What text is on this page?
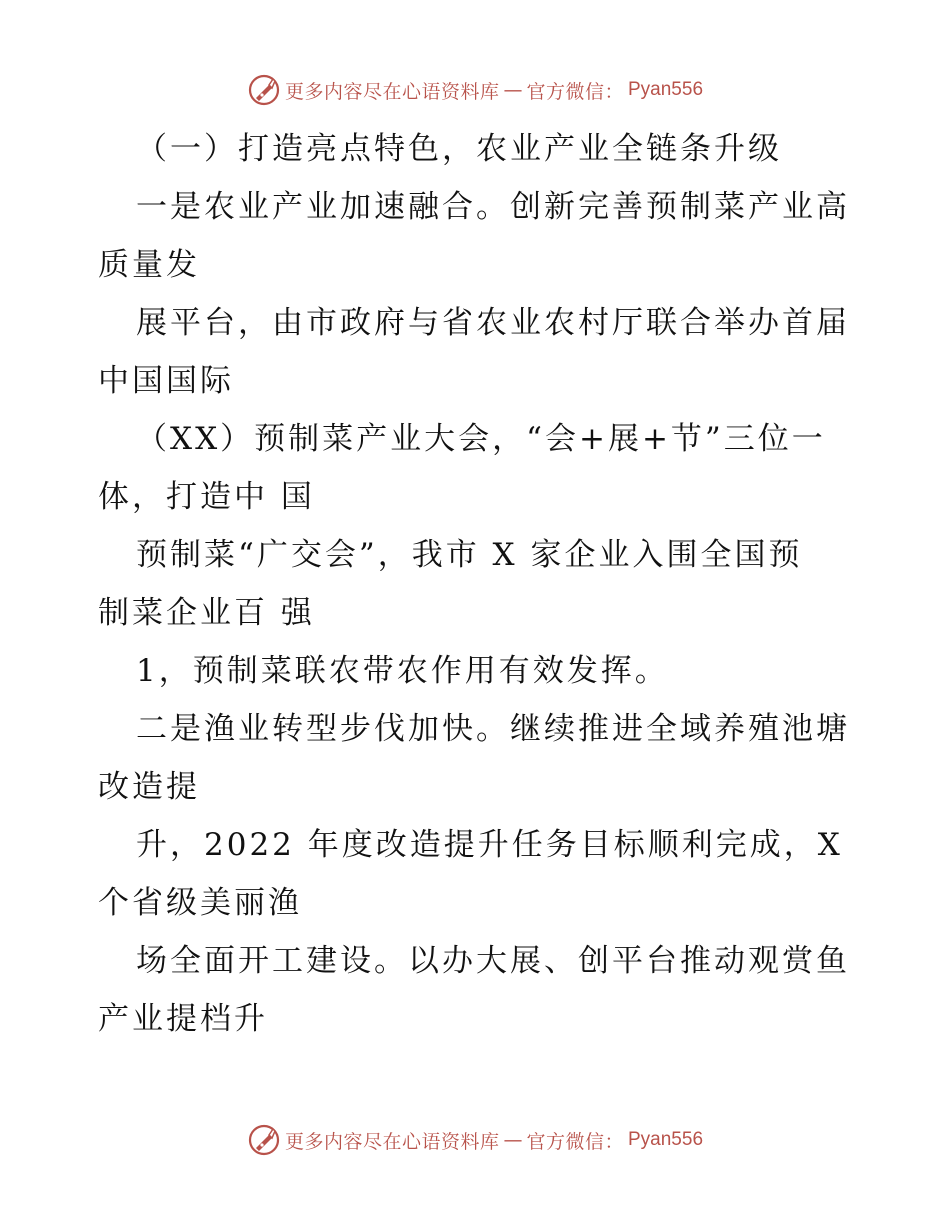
更多内容尽在心语资料库 — 官方微信： Pyan556
（一）打造亮点特色，农业产业全链条升级
一是农业产业加速融合。创新完善预制菜产业高
质量发
展平台，由市政府与省农业农村厅联合举办首届
中国国际
（XX）预制菜产业大会，“会+展+节”三位一
体，打造中 国
预制菜“广交会”，我市 X 家企业入围全国预
制菜企业百 强
1，预制菜联农带农作用有效发挥。
二是渔业转型步伐加快。继续推进全域养殖池塘
改造提
升，2022 年度改造提升任务目标顺利完成，X
个省级美丽渔
场全面开工建设。以办大展、创平台推动观赏鱼
产业提档升
更多内容尽在心语资料库 — 官方微信： Pyan556
